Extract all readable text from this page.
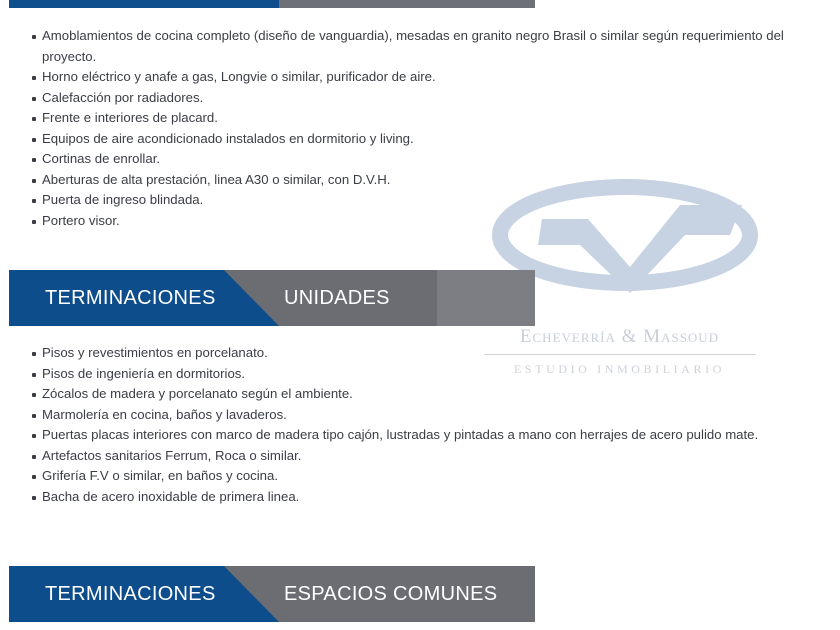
Amoblamientos de cocina completo (diseño de vanguardia), mesadas en granito negro Brasil o similar según requerimiento del proyecto.
Horno eléctrico y anafe a gas, Longvie o similar, purificador de aire.
Calefacción por radiadores.
Frente e interiores de placard.
Equipos de aire acondicionado instalados en dormitorio y living.
Cortinas de enrollar.
Aberturas de alta prestación, linea A30 o similar, con D.V.H.
Puerta de ingreso blindada.
Portero visor.
Echeverría & Massoud
ESTUDIO INMOBILIARIO
TERMINACIONES	UNIDADES
Pisos y revestimientos en porcelanato.
Pisos de ingeniería en dormitorios.
Zócalos de madera y porcelanato según el ambiente.
Marmolería en cocina, baños y lavaderos.
Puertas placas interiores con marco de madera tipo cajón, lustradas y pintadas a mano con herrajes de acero pulido mate.
Artefactos sanitarios Ferrum, Roca o similar.
Grifería F.V o similar, en baños y cocina.
Bacha de acero inoxidable de primera linea.
TERMINACIONES	ESPACIOS COMUNES
